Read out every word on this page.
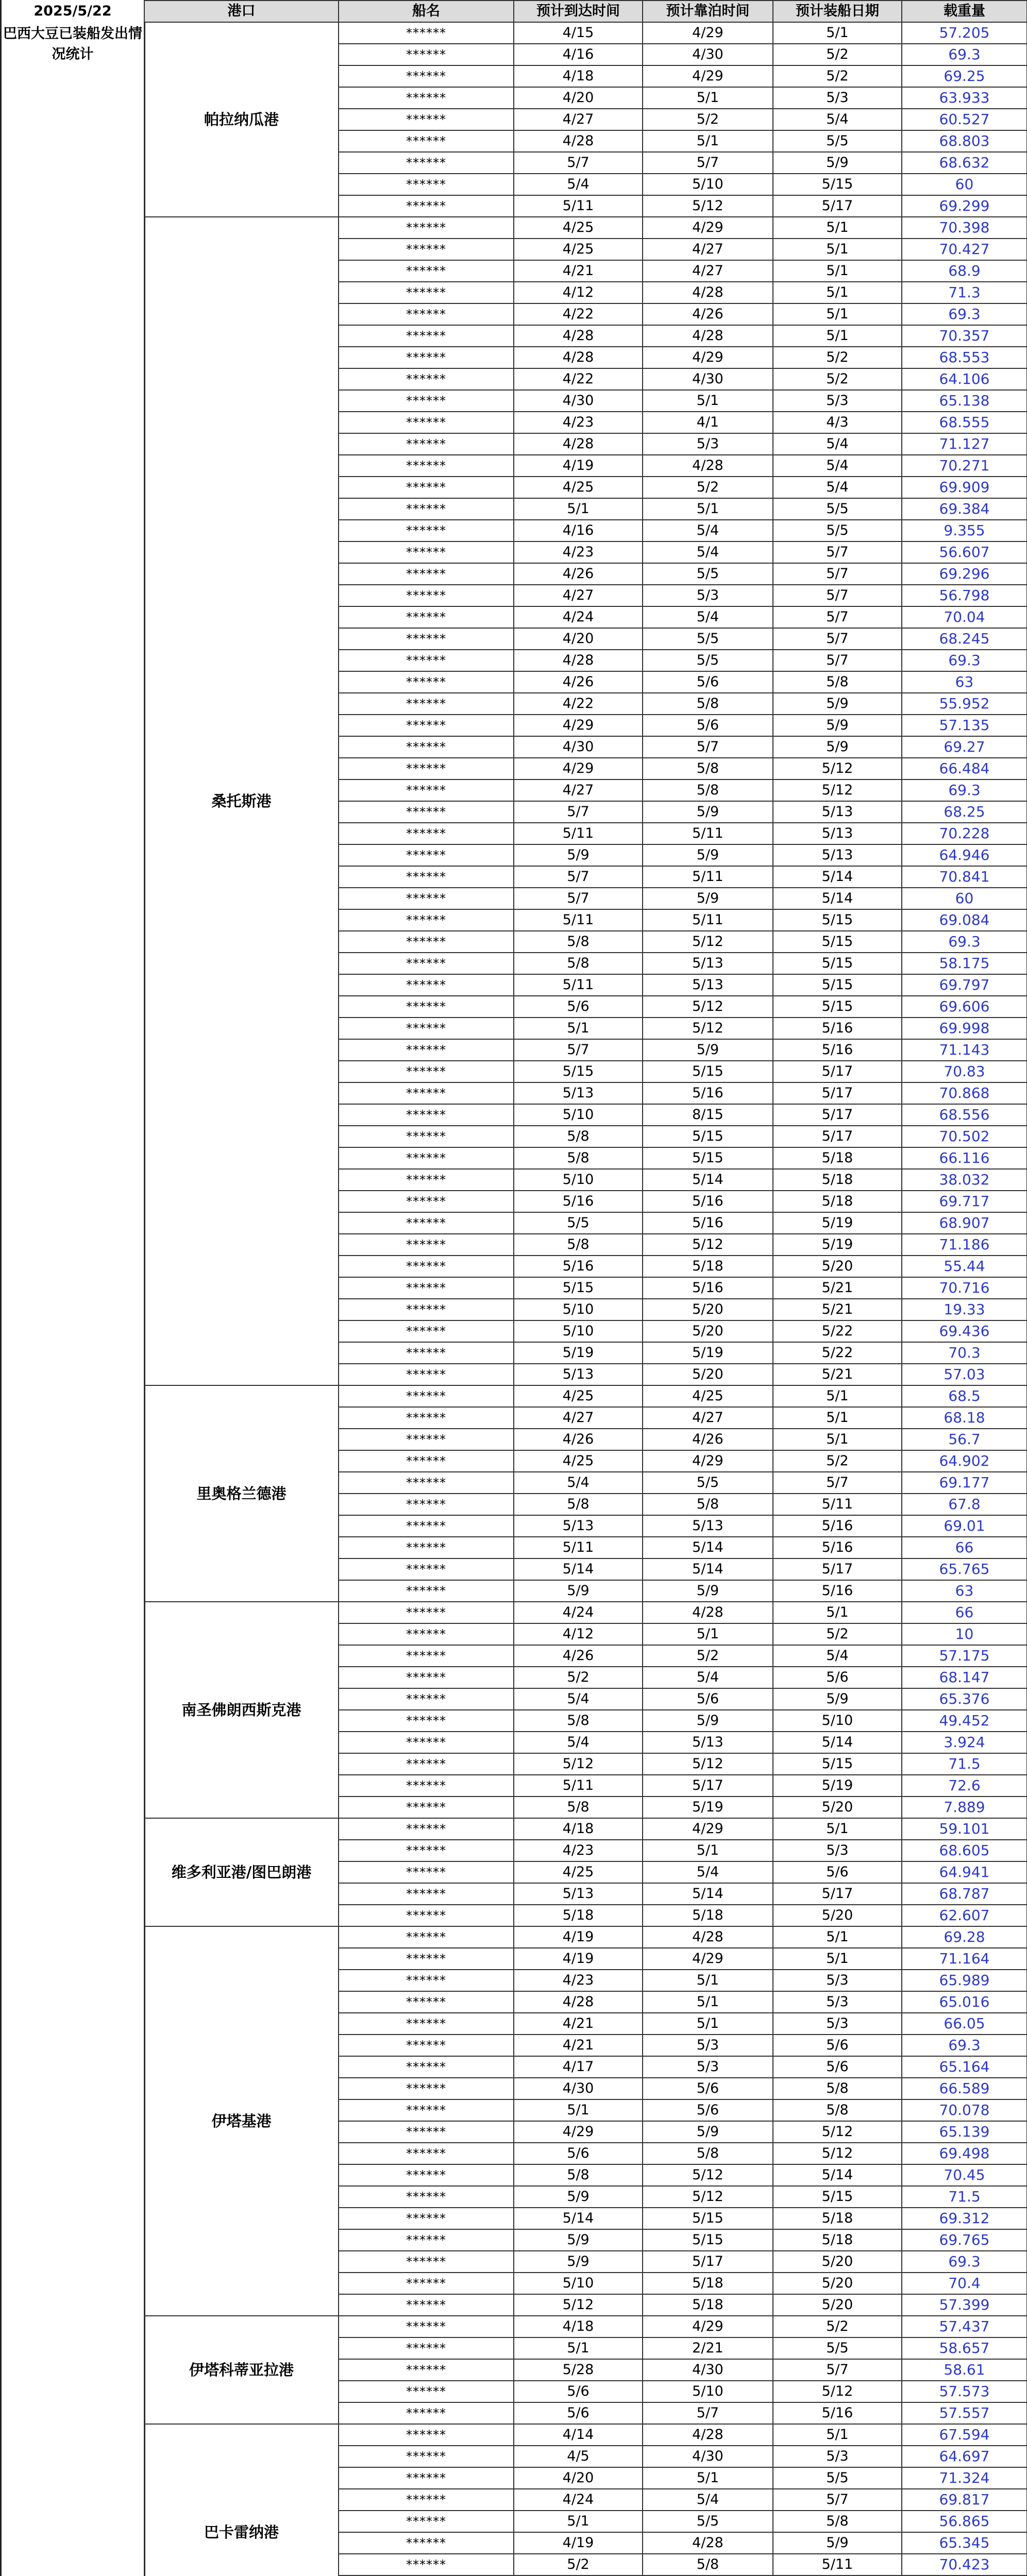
2025/5/22
巴西大豆已装船发出情况统计
港口	船名	预计到达时间	预计靠泊时间	预计装船日期	载重量
帕拉纳瓜港	******	4/15	4/29	5/1	57.205
	******	4/16	4/30	5/2	69.3
	******	4/18	4/29	5/2	69.25
	******	4/20	5/1	5/3	63.933
	******	4/27	5/2	5/4	60.527
	******	4/28	5/1	5/5	68.803
	******	5/7	5/7	5/9	68.632
	******	5/4	5/10	5/15	60
	******	5/11	5/12	5/17	69.299
桑托斯港	******	4/25	4/29	5/1	70.398
	******	4/25	4/27	5/1	70.427
	******	4/21	4/27	5/1	68.9
	******	4/12	4/28	5/1	71.3
	******	4/22	4/26	5/1	69.3
	******	4/28	4/28	5/1	70.357
	******	4/28	4/29	5/2	68.553
	******	4/22	4/30	5/2	64.106
	******	4/30	5/1	5/3	65.138
	******	4/23	4/1	4/3	68.555
	******	4/28	5/3	5/4	71.127
	******	4/19	4/28	5/4	70.271
	******	4/25	5/2	5/4	69.909
	******	5/1	5/1	5/5	69.384
	******	4/16	5/4	5/5	9.355
	******	4/23	5/4	5/7	56.607
	******	4/26	5/5	5/7	69.296
	******	4/27	5/3	5/7	56.798
	******	4/24	5/4	5/7	70.04
	******	4/20	5/5	5/7	68.245
	******	4/28	5/5	5/7	69.3
	******	4/26	5/6	5/8	63
	******	4/22	5/8	5/9	55.952
	******	4/29	5/6	5/9	57.135
	******	4/30	5/7	5/9	69.27
	******	4/29	5/8	5/12	66.484
	******	4/27	5/8	5/12	69.3
	******	5/7	5/9	5/13	68.25
	******	5/11	5/11	5/13	70.228
	******	5/9	5/9	5/13	64.946
	******	5/7	5/11	5/14	70.841
	******	5/7	5/9	5/14	60
	******	5/11	5/11	5/15	69.084
	******	5/8	5/12	5/15	69.3
	******	5/8	5/13	5/15	58.175
	******	5/11	5/13	5/15	69.797
	******	5/6	5/12	5/15	69.606
	******	5/1	5/12	5/16	69.998
	******	5/7	5/9	5/16	71.143
	******	5/15	5/15	5/17	70.83
	******	5/13	5/16	5/17	70.868
	******	5/10	8/15	5/17	68.556
	******	5/8	5/15	5/17	70.502
	******	5/8	5/15	5/18	66.116
	******	5/10	5/14	5/18	38.032
	******	5/16	5/16	5/18	69.717
	******	5/5	5/16	5/19	68.907
	******	5/8	5/12	5/19	71.186
	******	5/16	5/18	5/20	55.44
	******	5/15	5/16	5/21	70.716
	******	5/10	5/20	5/21	19.33
	******	5/10	5/20	5/22	69.436
	******	5/19	5/19	5/22	70.3
	******	5/13	5/20	5/21	57.03
里奥格兰德港	******	4/25	4/25	5/1	68.5
	******	4/27	4/27	5/1	68.18
	******	4/26	4/26	5/1	56.7
	******	4/25	4/29	5/2	64.902
	******	5/4	5/5	5/7	69.177
	******	5/8	5/8	5/11	67.8
	******	5/13	5/13	5/16	69.01
	******	5/11	5/14	5/16	66
	******	5/14	5/14	5/17	65.765
	******	5/9	5/9	5/16	63
南圣佛朗西斯克港	******	4/24	4/28	5/1	66
	******	4/12	5/1	5/2	10
	******	4/26	5/2	5/4	57.175
	******	5/2	5/4	5/6	68.147
	******	5/4	5/6	5/9	65.376
	******	5/8	5/9	5/10	49.452
	******	5/4	5/13	5/14	3.924
	******	5/12	5/12	5/15	71.5
	******	5/11	5/17	5/19	72.6
	******	5/8	5/19	5/20	7.889
维多利亚港/图巴朗港	******	4/18	4/29	5/1	59.101
	******	4/23	5/1	5/3	68.605
	******	4/25	5/4	5/6	64.941
	******	5/13	5/14	5/17	68.787
	******	5/18	5/18	5/20	62.607
伊塔基港	******	4/19	4/28	5/1	69.28
	******	4/19	4/29	5/1	71.164
	******	4/23	5/1	5/3	65.989
	******	4/28	5/1	5/3	65.016
	******	4/21	5/1	5/3	66.05
	******	4/21	5/3	5/6	69.3
	******	4/17	5/3	5/6	65.164
	******	4/30	5/6	5/8	66.589
	******	5/1	5/6	5/8	70.078
	******	4/29	5/9	5/12	65.139
	******	5/6	5/8	5/12	69.498
	******	5/8	5/12	5/14	70.45
	******	5/9	5/12	5/15	71.5
	******	5/14	5/15	5/18	69.312
	******	5/9	5/15	5/18	69.765
	******	5/9	5/17	5/20	69.3
	******	5/10	5/18	5/20	70.4
	******	5/12	5/18	5/20	57.399
伊塔科蒂亚拉港	******	4/18	4/29	5/2	57.437
	******	5/1	2/21	5/5	58.657
	******	5/28	4/30	5/7	58.61
	******	5/6	5/10	5/12	57.573
	******	5/6	5/7	5/16	57.557
巴卡雷纳港	******	4/14	4/28	5/1	67.594
	******	4/5	4/30	5/3	64.697
	******	4/20	5/1	5/5	71.324
	******	4/24	5/4	5/7	69.817
	******	5/1	5/5	5/8	56.865
	******	4/19	4/28	5/9	65.345
	******	5/2	5/8	5/11	70.423
